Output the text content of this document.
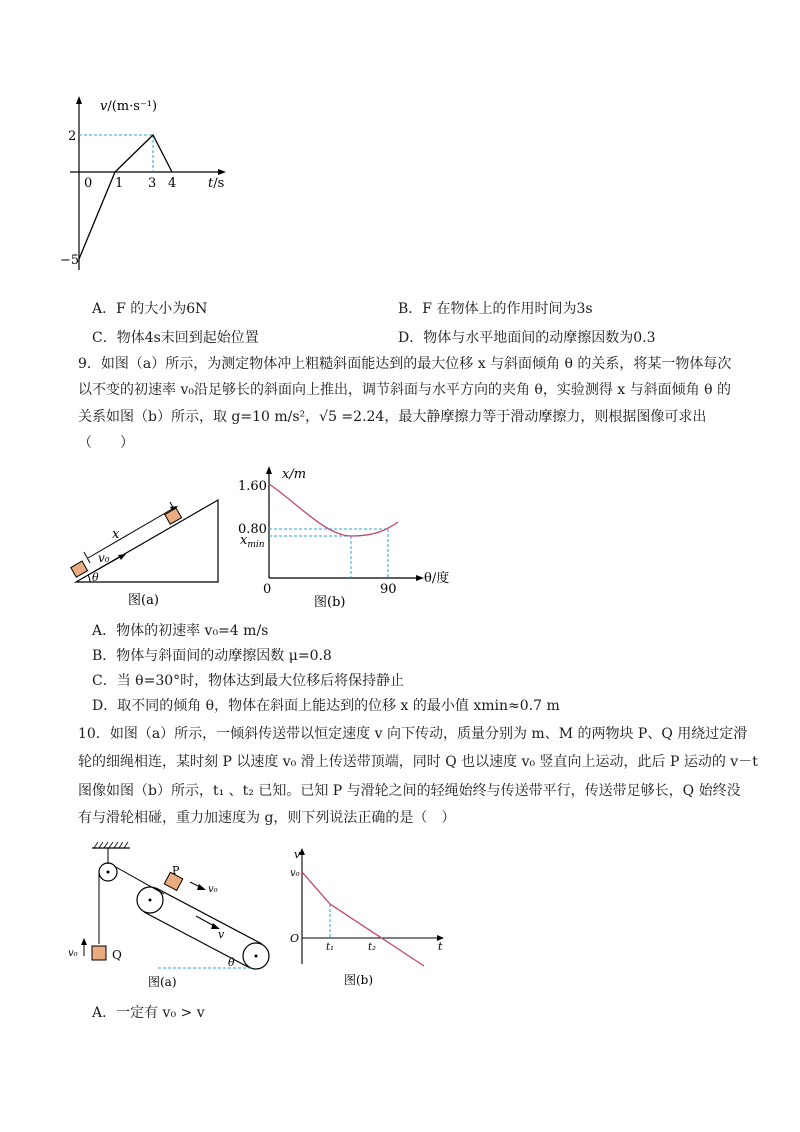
v/(m·s⁻¹)
2
−5
0 1 3 4 t/s
A．F 的大小为6N	B．F 在物体上的作用时间为3s
C．物体4s末回到起始位置	D．物体与水平地面间的动摩擦因数为0.3
9．如图（a）所示，为测定物体冲上粗糙斜面能达到的最大位移 x 与斜面倾角 θ 的关系，将某一物体每次
以不变的初速率 v₀沿足够长的斜面向上推出，调节斜面与水平方向的夹角 θ，实验测得 x 与斜面倾角 θ 的
关系如图（b）所示，取 g=10 m/s²，√5 =2.24，最大静摩擦力等于滑动摩擦力，则根据图像可求出
（　　）
x
v₀
θ
图(a)
x/m
1.60
0.80
$x_{min}$
0	90
θ/度
图(b)
A．物体的初速率 v₀=4 m/s
B．物体与斜面间的动摩擦因数 μ=0.8
C．当 θ=30°时，物体达到最大位移后将保持静止
D．取不同的倾角 θ，物体在斜面上能达到的位移 x 的最小值 xmin≈0.7 m
10．如图（a）所示，一倾斜传送带以恒定速度 v 向下传动，质量分别为 m、M 的两物块 P、Q 用绕过定滑
轮的细绳相连，某时刻 P 以速度 v₀ 滑上传送带顶端，同时 Q 也以速度 v₀ 竖直向上运动，此后 P 运动的 v－t
图像如图（b）所示，t₁ 、t₂ 已知。已知 P 与滑轮之间的轻绳始终与传送带平行，传送带足够长，Q 始终没
有与滑轮相碰，重力加速度为 g，则下列说法正确的是（　）
v₀	Q
P
v₀
v
θ
图(a)
v
v₀
O
t₁	t₂	t
图(b)
A．一定有 v₀ > v
